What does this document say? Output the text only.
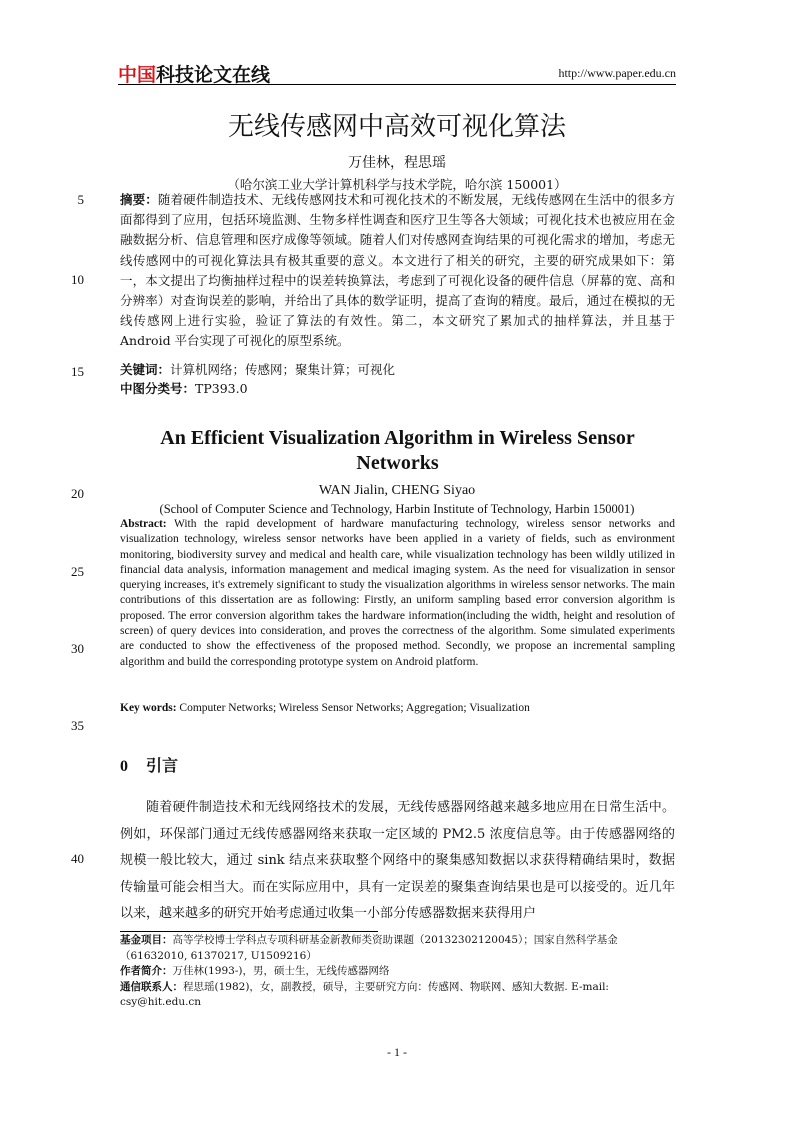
中国科技论文在线	http://www.paper.edu.cn
5
10
15
20
25
30
35
40
无线传感网中高效可视化算法
万佳林，程思瑶
（哈尔滨工业大学计算机科学与技术学院，哈尔滨 150001）

摘要：随着硬件制造技术、无线传感网技术和可视化技术的不断发展，无线传感网在生活中的很多方面都得到了应用，包括环境监测、生物多样性调查和医疗卫生等各大领域；可视化技术也被应用在金融数据分析、信息管理和医疗成像等领域。随着人们对传感网查询结果的可视化需求的增加，考虑无线传感网中的可视化算法具有极其重要的意义。本文进行了相关的研究，主要的研究成果如下：第一，本文提出了均衡抽样过程中的误差转换算法，考虑到了可视化设备的硬件信息（屏幕的宽、高和分辨率）对查询误差的影响，并给出了具体的数学证明，提高了查询的精度。最后，通过在模拟的无线传感网上进行实验，验证了算法的有效性。第二，本文研究了累加式的抽样算法，并且基于 Android 平台实现了可视化的原型系统。

关键词：计算机网络；传感网；聚集计算；可视化
中图分类号：TP393.0

An Efficient Visualization Algorithm in Wireless Sensor Networks

WAN Jialin, CHENG Siyao
(School of Computer Science and Technology, Harbin Institute of Technology, Harbin 150001)

Abstract: With the rapid development of hardware manufacturing technology, wireless sensor networks and visualization technology, wireless sensor networks have been applied in a variety of fields, such as environment monitoring, biodiversity survey and medical and health care, while visualization technology has been wildly utilized in financial data analysis, information management and medical imaging system. As the need for visualization in sensor querying increases, it's extremely significant to study the visualization algorithms in wireless sensor networks. The main contributions of this dissertation are as following: Firstly, an uniform sampling based error conversion algorithm is proposed. The error conversion algorithm takes the hardware information(including the width, height and resolution of screen) of query devices into consideration, and proves the correctness of the algorithm. Some simulated experiments are conducted to show the effectiveness of the proposed method. Secondly, we propose an incremental sampling algorithm and build the corresponding prototype system on Android platform.

Key words: Computer Networks; Wireless Sensor Networks; Aggregation; Visualization

0 引言

随着硬件制造技术和无线网络技术的发展，无线传感器网络越来越多地应用在日常生活中。例如，环保部门通过无线传感器网络来获取一定区域的 PM2.5 浓度信息等。由于传感器网络的规模一般比较大，通过 sink 结点来获取整个网络中的聚集感知数据以求获得精确结果时，数据传输量可能会相当大。而在实际应用中，具有一定误差的聚集查询结果也是可以接受的。近几年以来，越来越多的研究开始考虑通过收集一小部分传感器数据来获得用户

基金项目：高等学校博士学科点专项科研基金新教师类资助课题（20132302120045）；国家自然科学基金（61632010, 61370217, U1509216）
作者简介：万佳林(1993-)，男，硕士生，无线传感器网络
通信联系人：程思瑶(1982)，女，副教授，硕导，主要研究方向：传感网、物联网、感知大数据. E-mail: csy@hit.edu.cn
- 1 -
